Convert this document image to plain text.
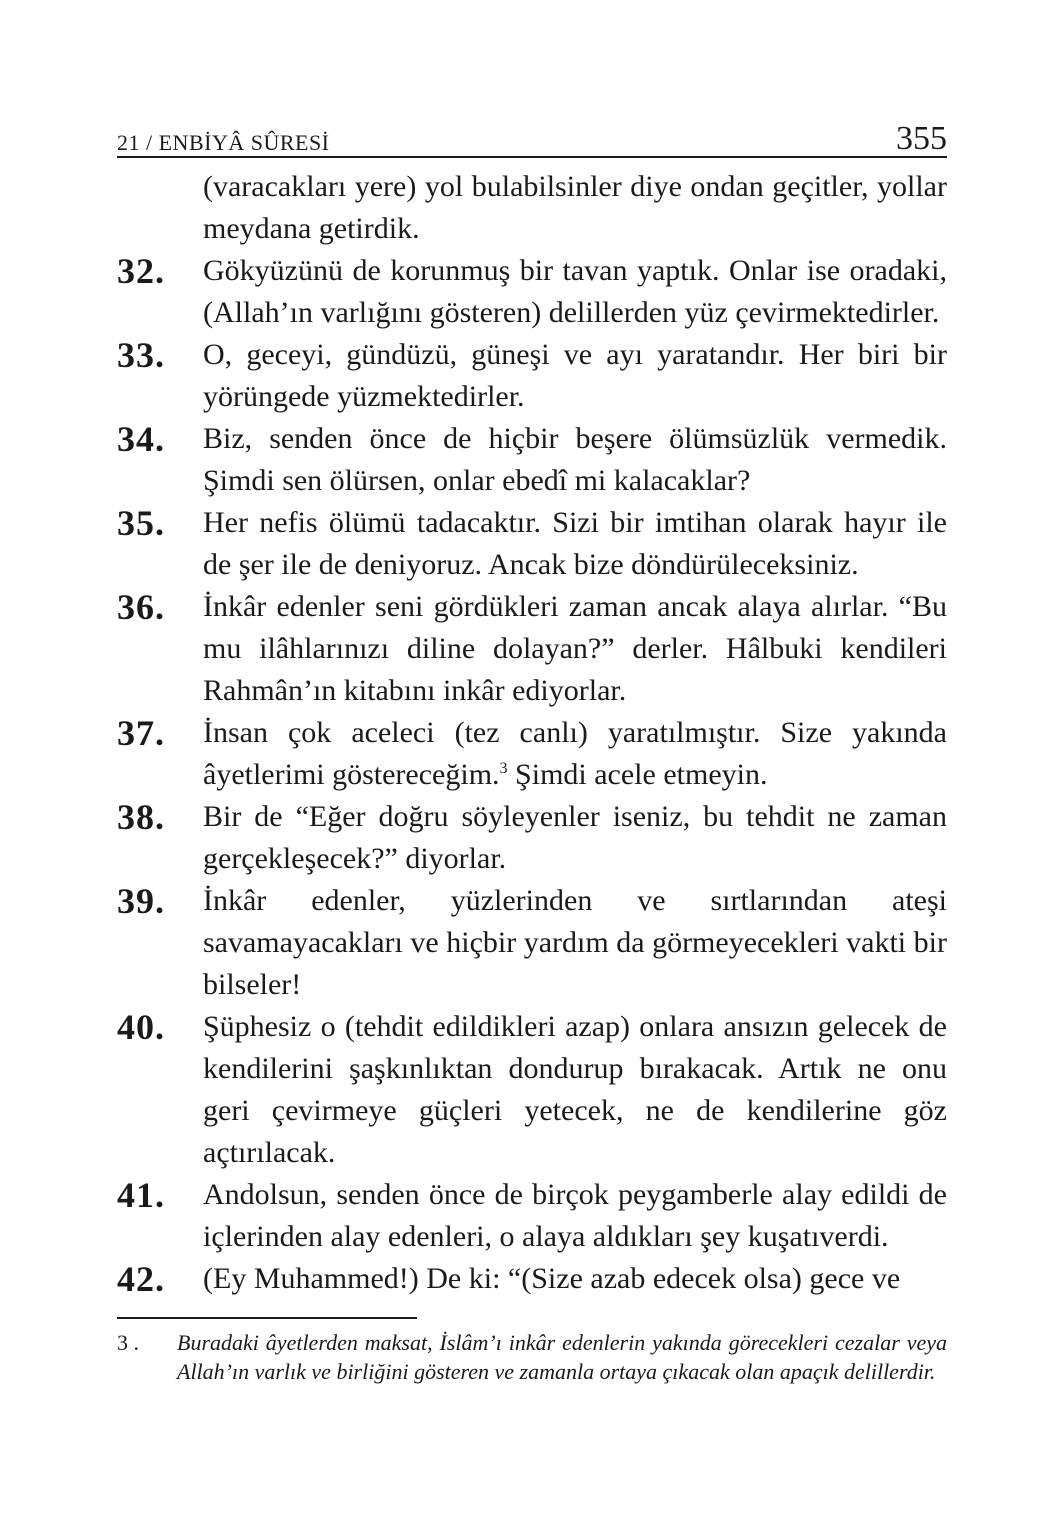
21 / ENBİYÂ SÛRESİ	355
(varacakları yere) yol bulabilsinler diye ondan geçitler, yollar meydana getirdik.
32. Gökyüzünü de korunmuş bir tavan yaptık. Onlar ise oradaki, (Allah’ın varlığını gösteren) delillerden yüz çevirmektedirler.
33. O, geceyi, gündüzü, güneşi ve ayı yaratandır. Her biri bir yörüngede yüzmektedirler.
34. Biz, senden önce de hiçbir beşere ölümsüzlük vermedik. Şimdi sen ölürsen, onlar ebedî mi kalacaklar?
35. Her nefis ölümü tadacaktır. Sizi bir imtihan olarak hayır ile de şer ile de deniyoruz. Ancak bize döndürüleceksiniz.
36. İnkâr edenler seni gördükleri zaman ancak alaya alırlar. “Bu mu ilâhlarınızı diline dolayan?” derler. Hâlbuki kendileri Rahmân’ın kitabını inkâr ediyorlar.
37. İnsan çok aceleci (tez canlı) yaratılmıştır. Size yakında âyetlerimi göstereceğim.$^3$ Şimdi acele etmeyin.
38. Bir de “Eğer doğru söyleyenler iseniz, bu tehdit ne zaman gerçekleşecek?” diyorlar.
39. İnkâr edenler, yüzlerinden ve sırtlarından ateşi savamayacakları ve hiçbir yardım da görmeyecekleri vakti bir bilseler!
40. Şüphesiz o (tehdit edildikleri azap) onlara ansızın gelecek de kendilerini şaşkınlıktan dondurup bırakacak. Artık ne onu geri çevirmeye güçleri yetecek, ne de kendilerine göz açtırılacak.
41. Andolsun, senden önce de birçok peygamberle alay edildi de içlerinden alay edenleri, o alaya aldıkları şey kuşatıverdi.
42. (Ey Muhammed!) De ki: “(Size azab edecek olsa) gece ve
3 .	Buradaki âyetlerden maksat, İslâm’ı inkâr edenlerin yakında görecekleri cezalar veya Allah’ın varlık ve birliğini gösteren ve zamanla ortaya çıkacak olan apaçık delillerdir.
